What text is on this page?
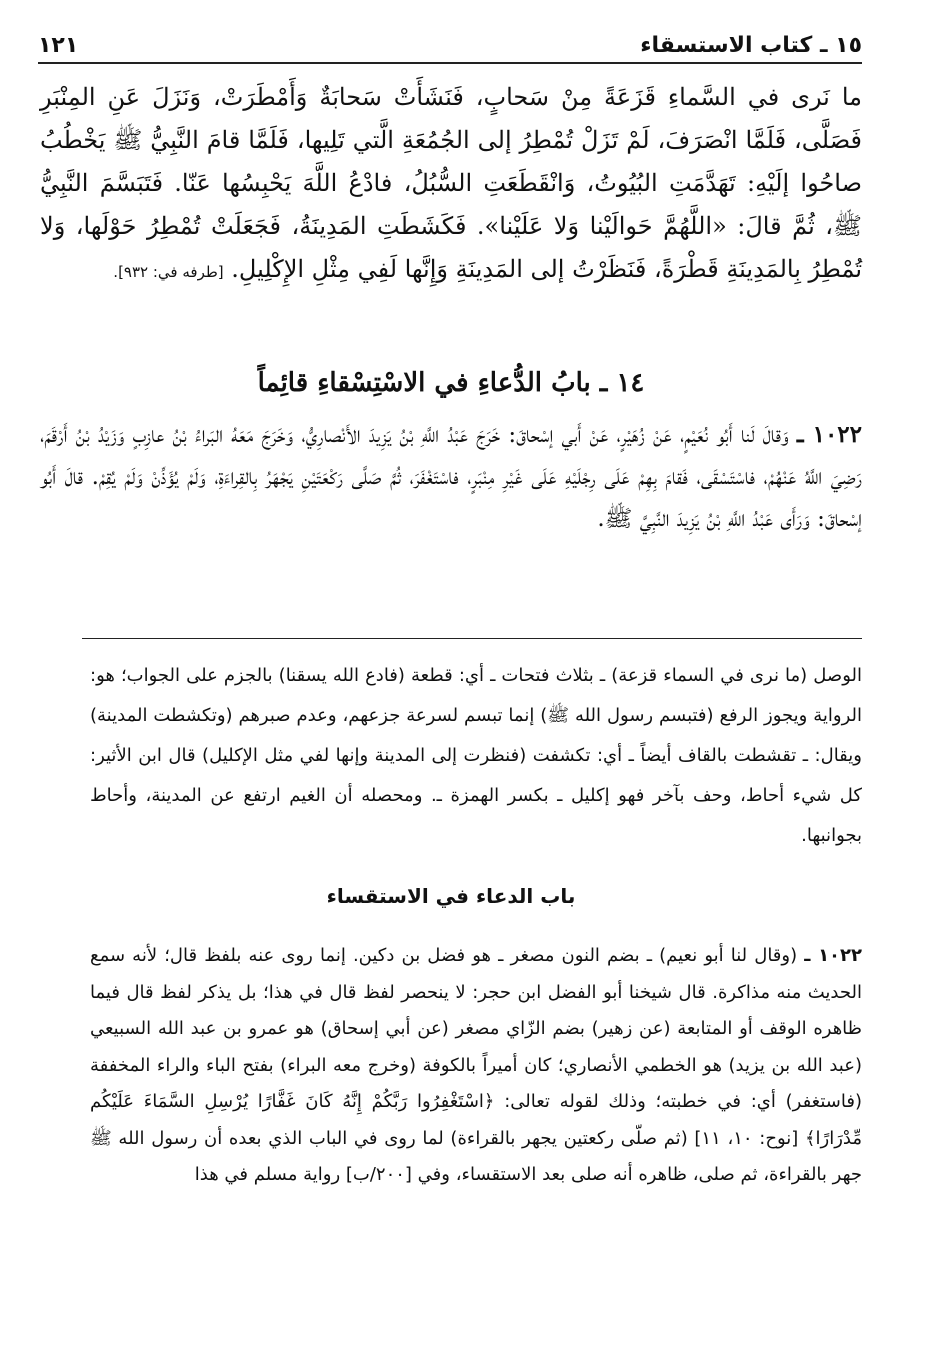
١٥ ـ كتاب الاستسقاء
١٢١

ما نَرى في السَّماءِ قَزَعَةً مِنْ سَحابٍ، فَنَشَأَتْ سَحابَةٌ وَأَمْطَرَتْ، وَنَزَلَ عَنِ المِنْبَرِ فَصَلَّى، فَلَمَّا انْصَرَفَ، لَمْ تَزَلْ تُمْطِرُ إلى الجُمُعَةِ الَّتي تَلِيها، فَلَمَّا قامَ النَّبِيُّ ﷺ يَخْطُبُ صاحُوا إلَيْهِ: تَهَدَّمَتِ البُيُوتُ، وَانْقَطَعَتِ السُّبُلُ، فادْعُ اللَّهَ يَحْبِسُها عَنّا. فَتَبَسَّمَ النَّبِيُّ ﷺ، ثُمَّ قالَ: «اللَّهُمَّ حَوالَيْنا وَلا عَلَيْنا». فَكَشَطَتِ المَدِينَةُ، فَجَعَلَتْ تُمْطِرُ حَوْلَها، وَلا تُمْطِرُ بِالمَدِينَةِ قَطْرَةً، فَنَظَرْتُ إلى المَدِينَةِ وَإِنَّها لَفِي مِثْلِ الإِكْلِيلِ. [طرفه في: ٩٣٢].

١٤ ـ بابُ الدُّعاءِ في الاسْتِسْقاءِ قائِماً

١٠٢٢ ـ وَقالَ لَنا أَبُو نُعَيْمٍ، عَنْ زُهَيْرٍ، عَنْ أَبي إسْحاقَ: خَرَجَ عَبْدُ اللَّهِ بْنُ يَزِيدَ الأَنْصارِيُّ، وَخَرَجَ مَعَهُ البَراءُ بْنُ عازِبٍ وَزَيْدُ بْنُ أَرْقَمَ، رَضِيَ اللَّهُ عَنْهُمْ، فاسْتَسْقَى، فَقامَ بِهِمْ عَلَى رِجْلَيْهِ عَلَى غَيْرِ مِنْبَرٍ، فاسْتَغْفَرَ، ثُمَّ صَلَّى رَكْعَتَيْنِ يَجْهَرُ بِالقِراءَةِ، وَلَمْ يُؤَذِّنْ وَلَمْ يُقِمْ. قالَ أَبُو إسْحاقَ: وَرَأَى عَبْدُ اللَّهِ بْنُ يَزِيدَ النَّبِيَّ ﷺ.

الوصل (ما نرى في السماء قزعة) ـ بثلاث فتحات ـ أي: قطعة (فادع الله يسقنا) بالجزم على الجواب؛ هو: الرواية ويجوز الرفع (فتبسم رسول الله ﷺ) إنما تبسم لسرعة جزعهم، وعدم صبرهم (وتكشطت المدينة) ويقال: ـ تقشطت بالقاف أيضاً ـ أي: تكشفت (فنظرت إلى المدينة وإنها لفي مثل الإكليل) قال ابن الأثير: كل شيء أحاط، وحف بآخر فهو إكليل ـ بكسر الهمزة ـ. ومحصله أن الغيم ارتفع عن المدينة، وأحاط بجوانبها.

باب الدعاء في الاستقساء

١٠٢٢ ـ (وقال لنا أبو نعيم) ـ بضم النون مصغر ـ هو فضل بن دكين. إنما روى عنه بلفظ قال؛ لأنه سمع الحديث منه مذاكرة. قال شيخنا أبو الفضل ابن حجر: لا ينحصر لفظ قال في هذا؛ بل يذكر لفظ قال فيما ظاهره الوقف أو المتابعة (عن زهير) بضم الزّاي مصغر (عن أبي إسحاق) هو عمرو بن عبد الله السبيعي (عبد الله بن يزيد) هو الخطمي الأنصاري؛ كان أميراً بالكوفة (وخرج معه البراء) بفتح الباء والراء المخففة (فاستغفر) أي: في خطبته؛ وذلك لقوله تعالى: ﴿اسْتَغْفِرُوا رَبَّكُمْ إِنَّهُ كَانَ غَفَّارًا يُرْسِلِ السَّمَاءَ عَلَيْكُم مِّدْرَارًا﴾ [نوح: ١٠، ١١] (ثم صلّى ركعتين يجهر بالقراءة) لما روى في الباب الذي بعده أن رسول الله ﷺ جهر بالقراءة، ثم صلى، ظاهره أنه صلى بعد الاستقساء، وفي [٢٠٠/ب] رواية مسلم في هذا
